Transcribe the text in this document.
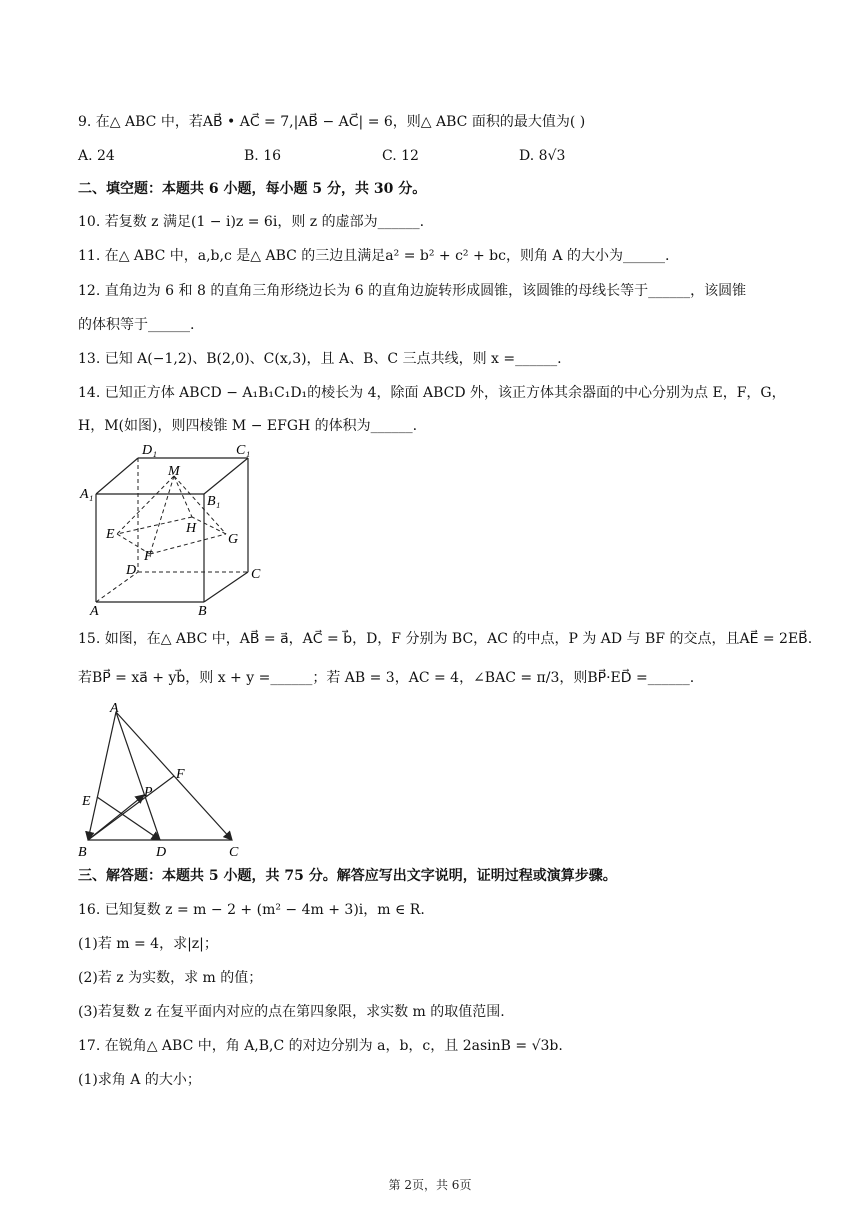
9. 在△ ABC 中，若AB⃗ • AC⃗ = 7,|AB⃗ − AC⃗| = 6，则△ ABC 面积的最大值为( )
A. 24	B. 16	C. 12	D. 8√3
二、填空题：本题共 6 小题，每小题 5 分，共 30 分。
10. 若复数 z 满足(1 − i)z = 6i，则 z 的虚部为______.
11. 在△ ABC 中，a,b,c 是△ ABC 的三边且满足a² = b² + c² + bc，则角 A 的大小为______.
12. 直角边为 6 和 8 的直角三角形绕边长为 6 的直角边旋转形成圆锥，该圆锥的母线长等于______，该圆锥
的体积等于______.
13. 已知 A(−1,2)、B(2,0)、C(x,3)，且 A、B、C 三点共线，则 x =______.
14. 已知正方体 ABCD − A₁B₁C₁D₁的棱长为 4，除面 ABCD 外，该正方体其余器面的中心分别为点 E，F，G，
H，M(如图)，则四棱锥 M − EFGH 的体积为______.
A	B
C
D
A₁	B₁
C₁
D₁
E
F
G
H
M
15. 如图，在△ ABC 中，AB⃗ = a⃗，AC⃗ = b⃗，D，F 分别为 BC，AC 的中点，P 为 AD 与 BF 的交点，且AE⃗ = 2EB⃗.
若BP⃗ = xa⃗ + yb⃗，则 x + y =______；若 AB = 3，AC = 4，∠BAC = π/3，则BP⃗·ED⃗ =______.
A
B	C
D
E
F
P
三、解答题：本题共 5 小题，共 75 分。解答应写出文字说明，证明过程或演算步骤。
16. 已知复数 z = m − 2 + (m² − 4m + 3)i，m ∈ R.
(1)若 m = 4，求|z|；
(2)若 z 为实数，求 m 的值；
(3)若复数 z 在复平面内对应的点在第四象限，求实数 m 的取值范围.
17. 在锐角△ ABC 中，角 A,B,C 的对边分别为 a，b，c，且 2asinB = √3b.
(1)求角 A 的大小；
第 2页，共 6页
